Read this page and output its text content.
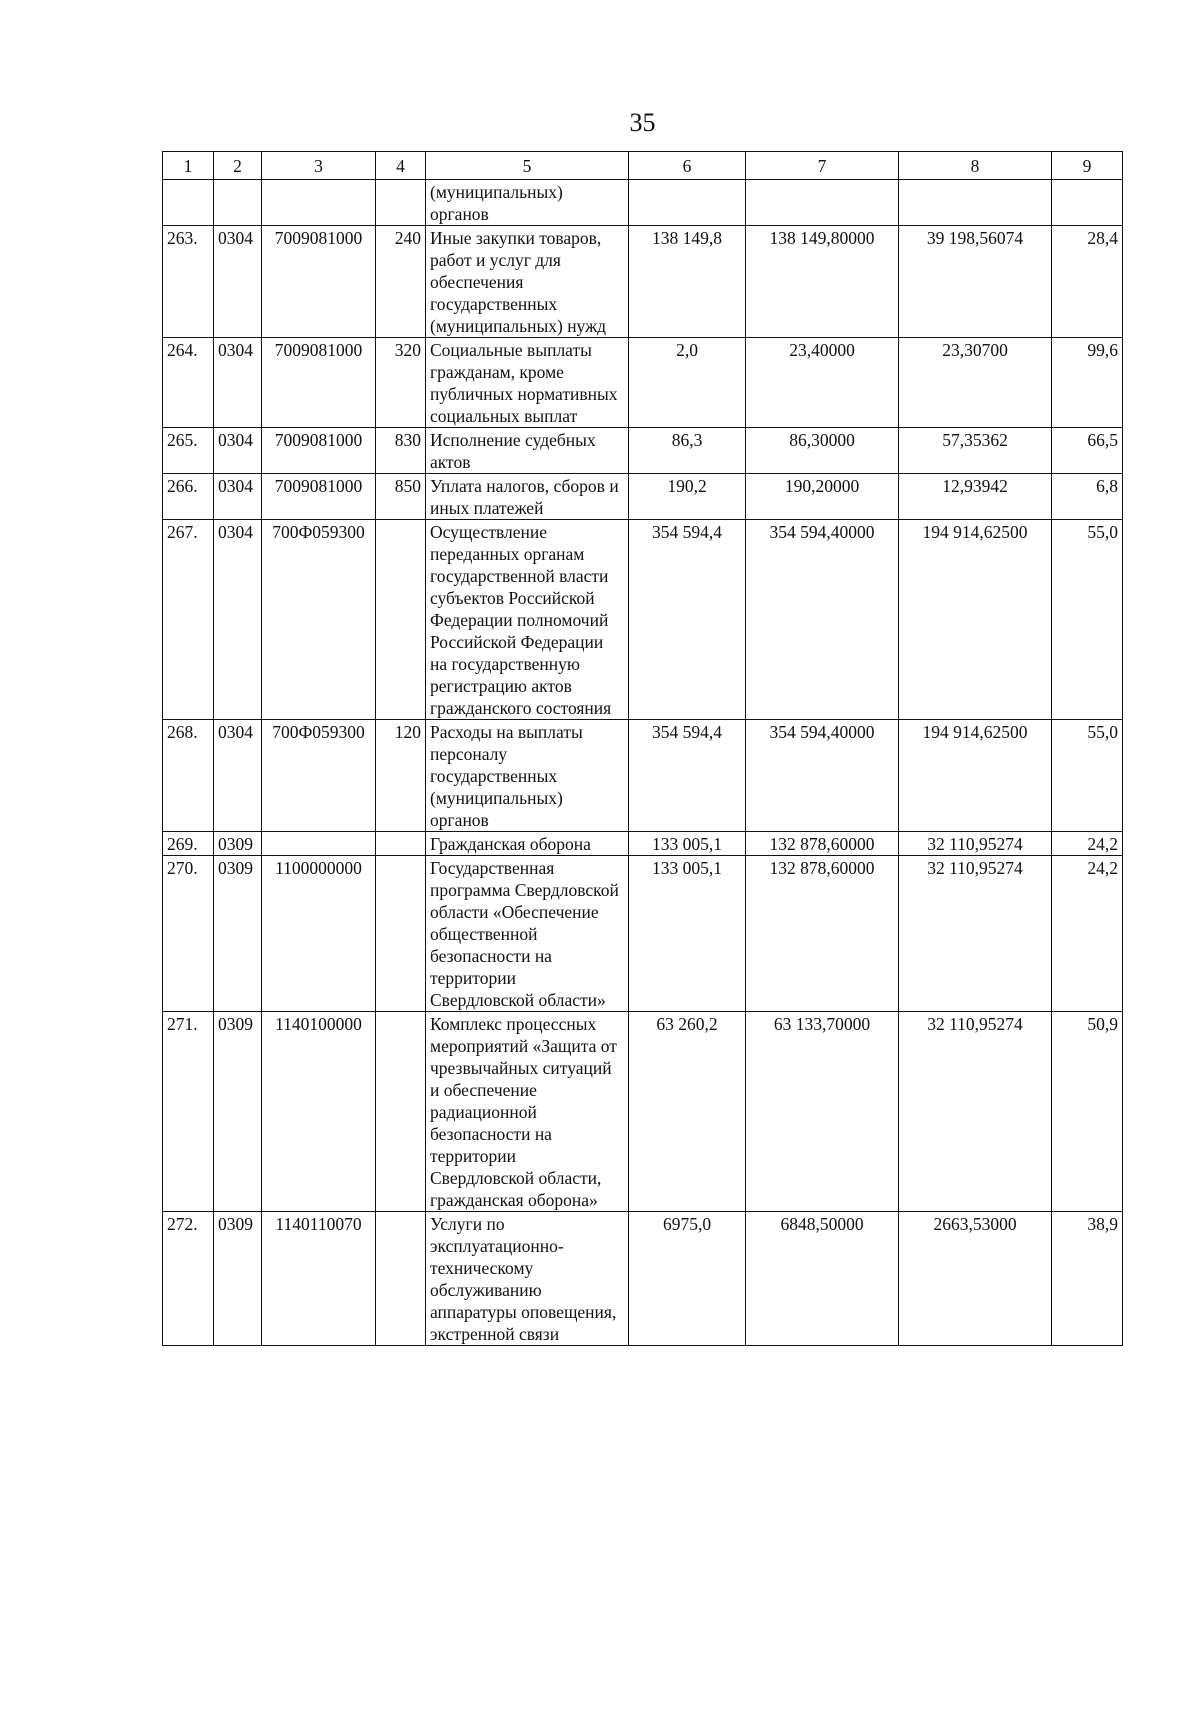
35
1	2	3	4	5	6	7	8	9

				(муниципальных) органов				
263.	0304	7009081000	240	Иные закупки товаров, работ и услуг для обеспечения государственных (муниципальных) нужд	138 149,8	138 149,80000	39 198,56074	28,4
264.	0304	7009081000	320	Социальные выплаты гражданам, кроме публичных нормативных социальных выплат	2,0	23,40000	23,30700	99,6
265.	0304	7009081000	830	Исполнение судебных актов	86,3	86,30000	57,35362	66,5
266.	0304	7009081000	850	Уплата налогов, сборов и иных платежей	190,2	190,20000	12,93942	6,8
267.	0304	700Ф059300		Осуществление переданных органам государственной власти субъектов Российской Федерации полномочий Российской Федерации на государственную регистрацию актов гражданского состояния	354 594,4	354 594,40000	194 914,62500	55,0
268.	0304	700Ф059300	120	Расходы на выплаты персоналу государственных (муниципальных) органов	354 594,4	354 594,40000	194 914,62500	55,0
269.	0309			Гражданская оборона	133 005,1	132 878,60000	32 110,95274	24,2
270.	0309	1100000000		Государственная программа Свердловской области «Обеспечение общественной безопасности на территории Свердловской области»	133 005,1	132 878,60000	32 110,95274	24,2
271.	0309	1140100000		Комплекс процессных мероприятий «Защита от чрезвычайных ситуаций и обеспечение радиационной безопасности на территории Свердловской области, гражданская оборона»	63 260,2	63 133,70000	32 110,95274	50,9
272.	0309	1140110070		Услуги по эксплуатационно-техническому обслуживанию аппаратуры оповещения, экстренной связи	6975,0	6848,50000	2663,53000	38,9
